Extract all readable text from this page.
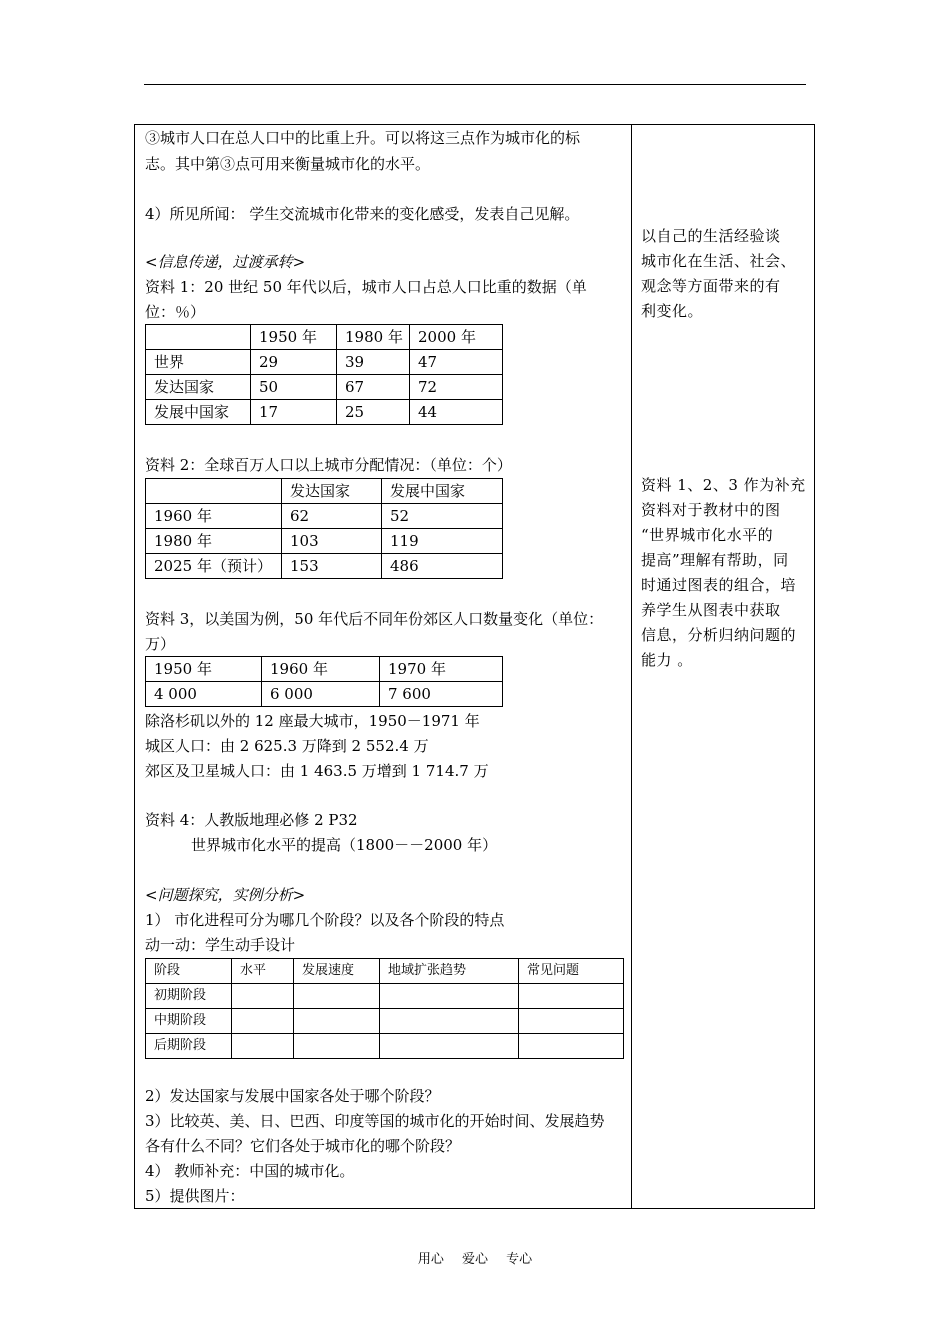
③城市人口在总人口中的比重上升。可以将这三点作为城市化的标
志。其中第③点可用来衡量城市化的水平。
4）所见所闻： 学生交流城市化带来的变化感受，发表自己见解。
<信息传递，过渡承转>
资料 1：20 世纪 50 年代以后，城市人口占总人口比重的数据（单
位：％）
	1950 年	1980 年	2000 年
世界	29	39	47
发达国家	50	67	72
发展中国家	17	25	44
资料 2：全球百万人口以上城市分配情况：（单位：个）
	发达国家	发展中国家
1960 年	62	52
1980 年	103	119
2025 年（预计）	153	486
资料 3，以美国为例，50 年代后不同年份郊区人口数量变化（单位：
万）
1950 年	1960 年	1970 年
4 000	6 000	7 600
除洛杉矶以外的 12 座最大城市，1950－1971 年
城区人口：由 2 625.3 万降到 2 552.4 万
郊区及卫星城人口：由 1 463.5 万增到 1 714.7 万
资料 4：人教版地理必修 2 P32
世界城市化水平的提高（1800－－2000 年）
<问题探究，实例分析>
1） 市化进程可分为哪几个阶段？以及各个阶段的特点
动一动：学生动手设计
阶段	水平	发展速度	地域扩张趋势	常见问题
初期阶段				
中期阶段				
后期阶段				
2）发达国家与发展中国家各处于哪个阶段？
3）比较英、美、日、巴西、印度等国的城市化的开始时间、发展趋势
各有什么不同？它们各处于城市化的哪个阶段？
4） 教师补充：中国的城市化。
5）提供图片：
以自己的生活经验谈
城市化在生活、社会、
观念等方面带来的有
利变化。
资料 1、2、3 作为补充
资料对于教材中的图
“世界城市化水平的
提高”理解有帮助，同
时通过图表的组合，培
养学生从图表中获取
信息，分析归纳问题的
能力 。
用心 爱心 专心
